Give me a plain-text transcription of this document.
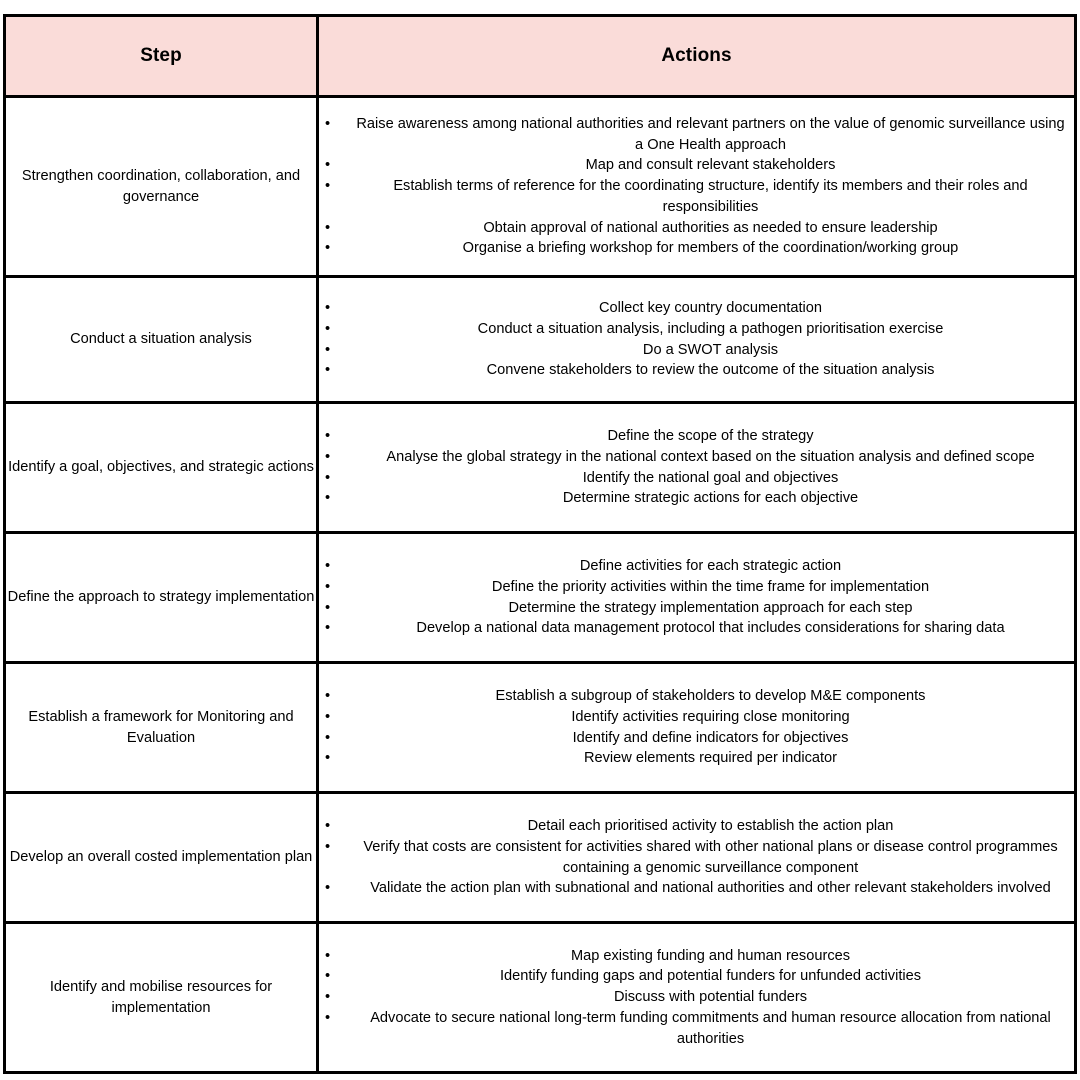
Step	Actions

Strengthen coordination, collaboration, and governance

•	Raise awareness among national authorities and relevant partners on the value of genomic surveillance using a One Health approach
•	Map and consult relevant stakeholders
•	Establish terms of reference for the coordinating structure, identify its members and their roles and responsibilities
•	Obtain approval of national authorities as needed to ensure leadership
•	Organise a briefing workshop for members of the coordination/working group

Conduct a situation analysis

•	Collect key country documentation
•	Conduct a situation analysis, including a pathogen prioritisation exercise
•	Do a SWOT analysis
•	Convene stakeholders to review the outcome of the situation analysis

Identify a goal, objectives, and strategic actions

•	Define the scope of the strategy
•	Analyse the global strategy in the national context based on the situation analysis and defined scope
•	Identify the national goal and objectives
•	Determine strategic actions for each objective

Define the approach to strategy implementation

•	Define activities for each strategic action
•	Define the priority activities within the time frame for implementation
•	Determine the strategy implementation approach for each step
•	Develop a national data management protocol that includes considerations for sharing data

Establish a framework for Monitoring and Evaluation

•	Establish a subgroup of stakeholders to develop M&E components
•	Identify activities requiring close monitoring
•	Identify and define indicators for objectives
•	Review elements required per indicator

Develop an overall costed implementation plan

•	Detail each prioritised activity to establish the action plan
•	Verify that costs are consistent for activities shared with other national plans or disease control programmes containing a genomic surveillance component
•	Validate the action plan with subnational and national authorities and other relevant stakeholders involved

Identify and mobilise resources for implementation

•	Map existing funding and human resources
•	Identify funding gaps and potential funders for unfunded activities
•	Discuss with potential funders
•	Advocate to secure national long-term funding commitments and human resource allocation from national authorities
